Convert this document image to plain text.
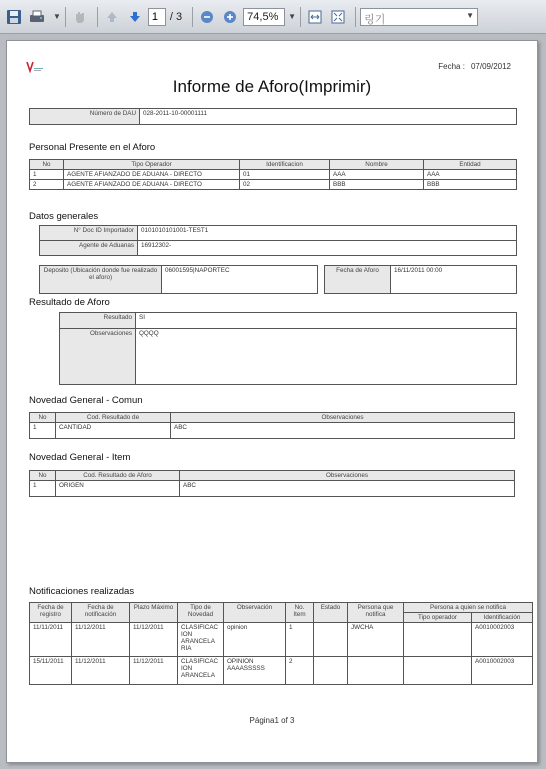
▼
1	/ 3	74,5%	▼	링기	▼
Fecha : 07/09/2012
Informe de Aforo(Imprimir)
Número de DAU	028-2011-10-00001111
Personal Presente en el Aforo
No	Tipo Operador	Identificacion	Nombre	Entidad
1	AGENTE AFIANZADO DE ADUANA - DIRECTO	01	AAA	AAA
2	AGENTE AFIANZADO DE ADUANA - DIRECTO	02	BBB	BBB
Datos generales
N° Doc ID Importador	0101010101001-TEST1
Agente de Aduanas	16912302-
Deposito (Ubicación donde fue realizado el aforo)	06001595|NAPORTEC		Fecha de Aforo	16/11/2011 00:00
Resultado de Aforo
Resultado	SI
Observaciones	QQQQ
Novedad General - Comun
No	Cod. Resultado de	Observaciones
1	CANTIDAD	ABC
Novedad General - Item
No	Cod. Resultado de Aforo	Observaciones
1	ORIGEN	ABC
Notificaciones realizadas
Fecha de registro	Fecha de notificación	Plazo Máximo	Tipo de Novedad	Observación	No. Item	Estado	Persona que notifica	Persona a quien se notifica	
								Tipo operador	Identificación
11/11/2011	11/12/2011	11/12/2011	CLASIFICAC ION ARANCELA RIA	opinion	1		JWCHA		A0010002003
15/11/2011	11/12/2011	11/12/2011	CLASIFICAC ION ARANCELA	OPINION AAAASSSSS	2				A0010002003
Página1 of 3
